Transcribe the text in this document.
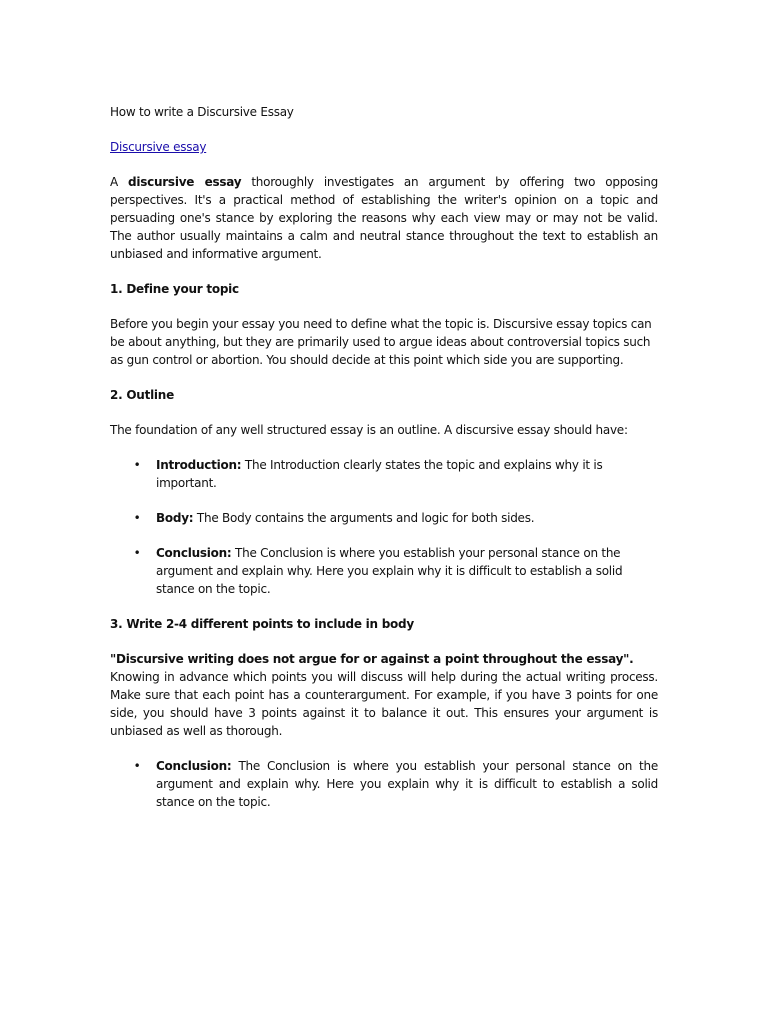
How to write a Discursive Essay

Discursive essay

A discursive essay thoroughly investigates an argument by offering two opposing perspectives. It's a practical method of establishing the writer's opinion on a topic and persuading one's stance by exploring the reasons why each view may or may not be valid. The author usually maintains a calm and neutral stance throughout the text to establish an unbiased and informative argument.

1. Define your topic

Before you begin your essay you need to define what the topic is. Discursive essay topics can be about anything, but they are primarily used to argue ideas about controversial topics such as gun control or abortion. You should decide at this point which side you are supporting.

2. Outline

The foundation of any well structured essay is an outline. A discursive essay should have:

• Introduction: The Introduction clearly states the topic and explains why it is important.
• Body: The Body contains the arguments and logic for both sides.
• Conclusion: The Conclusion is where you establish your personal stance on the argument and explain why. Here you explain why it is difficult to establish a solid stance on the topic.

3. Write 2-4 different points to include in body

"Discursive writing does not argue for or against a point throughout the essay".

Knowing in advance which points you will discuss will help during the actual writing process. Make sure that each point has a counterargument. For example, if you have 3 points for one side, you should have 3 points against it to balance it out. This ensures your argument is unbiased as well as thorough.

• Conclusion: The Conclusion is where you establish your personal stance on the argument and explain why. Here you explain why it is difficult to establish a solid stance on the topic.
